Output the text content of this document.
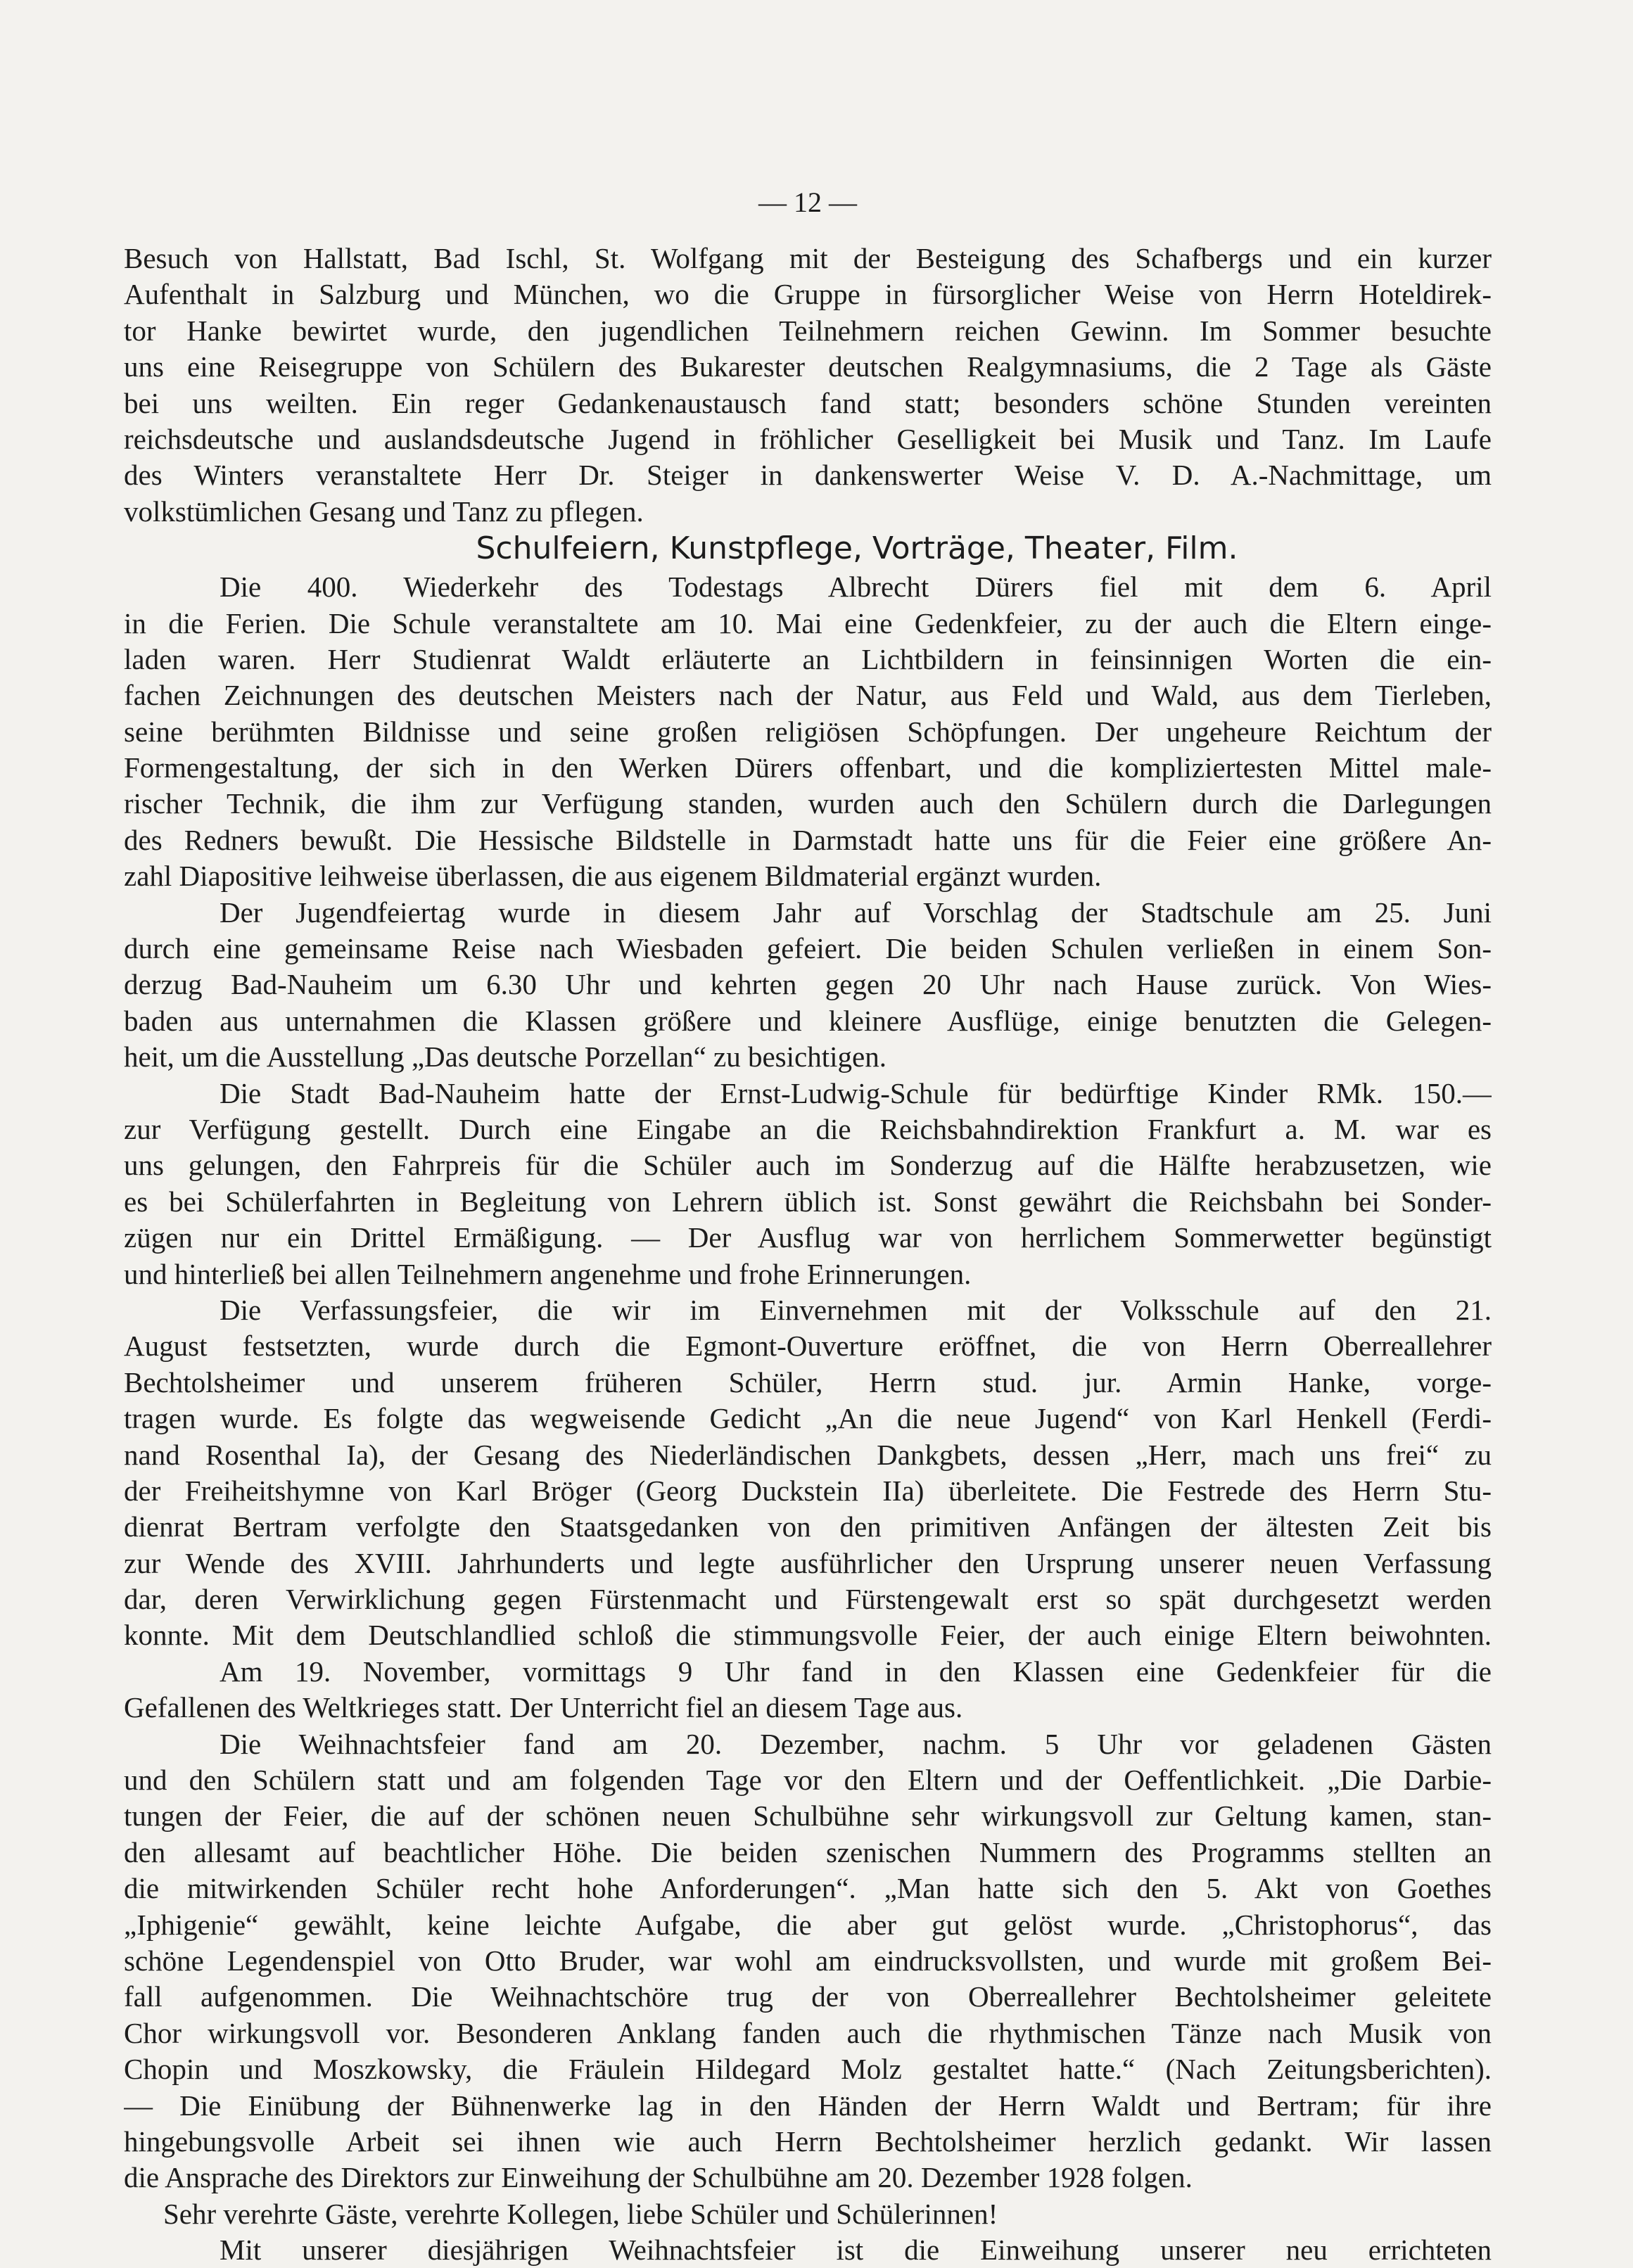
— 12 —
Besuch von Hallstatt, Bad Ischl, St. Wolfgang mit der Besteigung des Schafbergs und ein kurzer
Aufenthalt in Salzburg und München, wo die Gruppe in fürsorglicher Weise von Herrn Hoteldirek-
tor Hanke bewirtet wurde, den jugendlichen Teilnehmern reichen Gewinn. Im Sommer besuchte
uns eine Reisegruppe von Schülern des Bukarester deutschen Realgymnasiums, die 2 Tage als Gäste
bei uns weilten. Ein reger Gedankenaustausch fand statt; besonders schöne Stunden vereinten
reichsdeutsche und auslandsdeutsche Jugend in fröhlicher Geselligkeit bei Musik und Tanz. Im Laufe
des Winters veranstaltete Herr Dr. Steiger in dankenswerter Weise V. D. A.-Nachmittage, um
volkstümlichen Gesang und Tanz zu pflegen.
Schulfeiern, Kunstpflege, Vorträge, Theater, Film.
Die 400. Wiederkehr des Todestags Albrecht Dürers fiel mit dem 6. April
in die Ferien. Die Schule veranstaltete am 10. Mai eine Gedenkfeier, zu der auch die Eltern einge-
laden waren. Herr Studienrat Waldt erläuterte an Lichtbildern in feinsinnigen Worten die ein-
fachen Zeichnungen des deutschen Meisters nach der Natur, aus Feld und Wald, aus dem Tierleben,
seine berühmten Bildnisse und seine großen religiösen Schöpfungen. Der ungeheure Reichtum der
Formengestaltung, der sich in den Werken Dürers offenbart, und die kompliziertesten Mittel male-
rischer Technik, die ihm zur Verfügung standen, wurden auch den Schülern durch die Darlegungen
des Redners bewußt. Die Hessische Bildstelle in Darmstadt hatte uns für die Feier eine größere An-
zahl Diapositive leihweise überlassen, die aus eigenem Bildmaterial ergänzt wurden.
Der Jugendfeiertag wurde in diesem Jahr auf Vorschlag der Stadtschule am 25. Juni
durch eine gemeinsame Reise nach Wiesbaden gefeiert. Die beiden Schulen verließen in einem Son-
derzug Bad-Nauheim um 6.30 Uhr und kehrten gegen 20 Uhr nach Hause zurück. Von Wies-
baden aus unternahmen die Klassen größere und kleinere Ausflüge, einige benutzten die Gelegen-
heit, um die Ausstellung „Das deutsche Porzellan“ zu besichtigen.
Die Stadt Bad-Nauheim hatte der Ernst-Ludwig-Schule für bedürftige Kinder RMk. 150.—
zur Verfügung gestellt. Durch eine Eingabe an die Reichsbahndirektion Frankfurt a. M. war es
uns gelungen, den Fahrpreis für die Schüler auch im Sonderzug auf die Hälfte herabzusetzen, wie
es bei Schülerfahrten in Begleitung von Lehrern üblich ist. Sonst gewährt die Reichsbahn bei Sonder-
zügen nur ein Drittel Ermäßigung. — Der Ausflug war von herrlichem Sommerwetter begünstigt
und hinterließ bei allen Teilnehmern angenehme und frohe Erinnerungen.
Die Verfassungsfeier, die wir im Einvernehmen mit der Volksschule auf den 21.
August festsetzten, wurde durch die Egmont-Ouverture eröffnet, die von Herrn Oberreallehrer
Bechtolsheimer und unserem früheren Schüler, Herrn stud. jur. Armin Hanke, vorge-
tragen wurde. Es folgte das wegweisende Gedicht „An die neue Jugend“ von Karl Henkell (Ferdi-
nand Rosenthal Ia), der Gesang des Niederländischen Dankgbets, dessen „Herr, mach uns frei“ zu
der Freiheitshymne von Karl Bröger (Georg Duckstein IIa) überleitete. Die Festrede des Herrn Stu-
dienrat Bertram verfolgte den Staatsgedanken von den primitiven Anfängen der ältesten Zeit bis
zur Wende des XVIII. Jahrhunderts und legte ausführlicher den Ursprung unserer neuen Verfassung
dar, deren Verwirklichung gegen Fürstenmacht und Fürstengewalt erst so spät durchgesetzt werden
konnte. Mit dem Deutschlandlied schloß die stimmungsvolle Feier, der auch einige Eltern beiwohnten.
Am 19. November, vormittags 9 Uhr fand in den Klassen eine Gedenkfeier für die
Gefallenen des Weltkrieges statt. Der Unterricht fiel an diesem Tage aus.
Die Weihnachtsfeier fand am 20. Dezember, nachm. 5 Uhr vor geladenen Gästen
und den Schülern statt und am folgenden Tage vor den Eltern und der Oeffentlichkeit. „Die Darbie-
tungen der Feier, die auf der schönen neuen Schulbühne sehr wirkungsvoll zur Geltung kamen, stan-
den allesamt auf beachtlicher Höhe. Die beiden szenischen Nummern des Programms stellten an
die mitwirkenden Schüler recht hohe Anforderungen“. „Man hatte sich den 5. Akt von Goethes
„Iphigenie“ gewählt, keine leichte Aufgabe, die aber gut gelöst wurde. „Christophorus“, das
schöne Legendenspiel von Otto Bruder, war wohl am eindrucksvollsten, und wurde mit großem Bei-
fall aufgenommen. Die Weihnachtschöre trug der von Oberreallehrer Bechtolsheimer geleitete
Chor wirkungsvoll vor. Besonderen Anklang fanden auch die rhythmischen Tänze nach Musik von
Chopin und Moszkowsky, die Fräulein Hildegard Molz gestaltet hatte.“ (Nach Zeitungsberichten).
— Die Einübung der Bühnenwerke lag in den Händen der Herrn Waldt und Bertram; für ihre
hingebungsvolle Arbeit sei ihnen wie auch Herrn Bechtolsheimer herzlich gedankt. Wir lassen
die Ansprache des Direktors zur Einweihung der Schulbühne am 20. Dezember 1928 folgen.
Sehr verehrte Gäste, verehrte Kollegen, liebe Schüler und Schülerinnen!
Mit unserer diesjährigen Weihnachtsfeier ist die Einweihung unserer neu errichteten
